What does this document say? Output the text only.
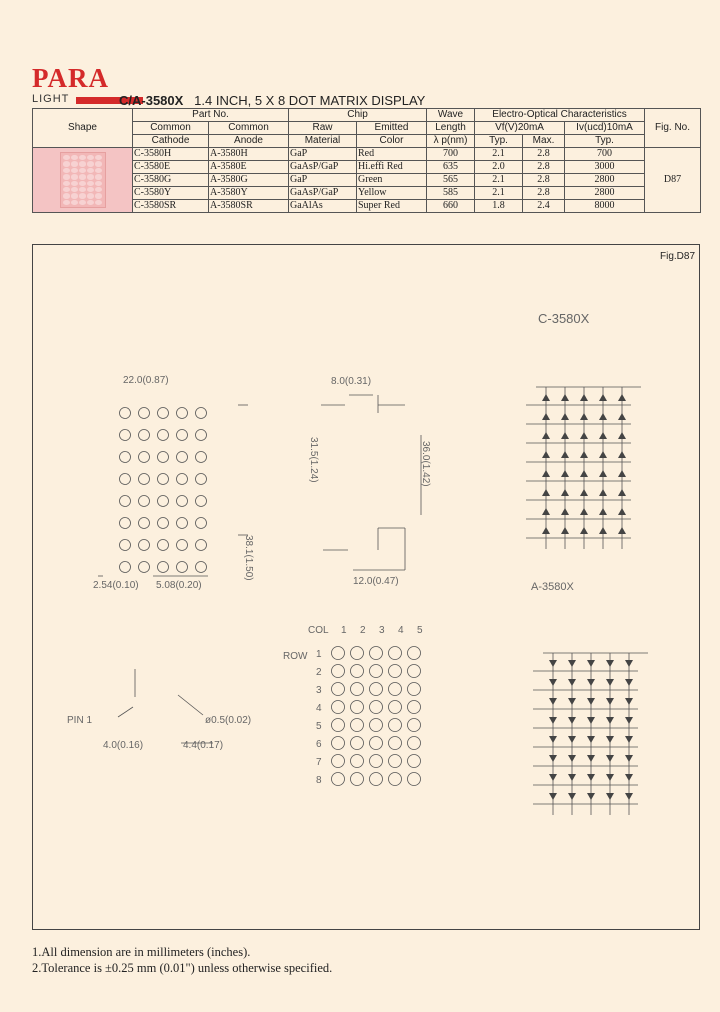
PARA
LIGHT	C/A-3580X 1.4 INCH, 5 X 8 DOT MATRIX DISPLAY
Shape	Part No.		Chip		Wave	Electro-Optical Characteristics			Fig. No.
	Common	Common	Raw	Emitted	Length	Vf(V)20mA		Iv(ucd)10mA	
	Cathode	Anode	Material	Color	λ p(nm)	Typ.	Max.	Typ.	

	C-3580H	A-3580H	GaP	Red	700	2.1	2.8	700	D87
	C-3580E	A-3580E	GaAsP/GaP	Hi.effi Red	635	2.0	2.8	3000	
	C-3580G	A-3580G	GaP	Green	565	2.1	2.8	2800	
	C-3580Y	A-3580Y	GaAsP/GaP	Yellow	585	2.1	2.8	2800	
	C-3580SR	A-3580SR	GaAlAs	Super Red	660	1.8	2.4	8000	
Fig.D87
22.0(0.87)
38.1(1.50)
2.54(0.10) 5.08(0.20)
8.0(0.31)
31.5(1.24)	36.0(1.42)
12.0(0.47)
PIN 1	ø0.5(0.02)
4.0(0.16)	4.4(0.17)
COL
ROW
1 2 3 4 5
1
2
3
4
5
6
7
8
C-3580X
A-3580X
1.All dimension are in millimeters (inches).
2.Tolerance is ±0.25 mm (0.01") unless otherwise specified.
